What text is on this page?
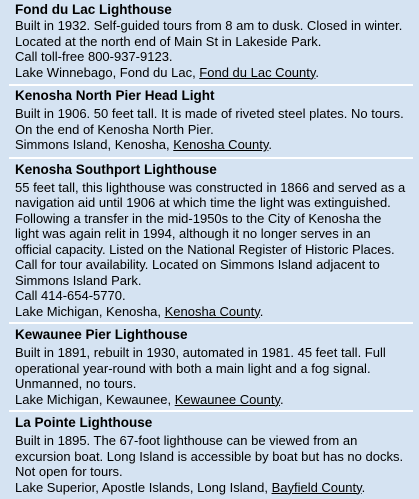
Fond du Lac Lighthouse
Built in 1932. Self-guided tours from 8 am to dusk. Closed in winter. Located at the north end of Main St in Lakeside Park.
Call toll-free 800-937-9123.
Lake Winnebago, Fond du Lac, Fond du Lac County.
Kenosha North Pier Head Light
Built in 1906. 50 feet tall. It is made of riveted steel plates. No tours. On the end of Kenosha North Pier.
Simmons Island, Kenosha, Kenosha County.
Kenosha Southport Lighthouse
55 feet tall, this lighthouse was constructed in 1866 and served as a navigation aid until 1906 at which time the light was extinguished. Following a transfer in the mid-1950s to the City of Kenosha the light was again relit in 1994, although it no longer serves in an official capacity. Listed on the National Register of Historic Places. Call for tour availability. Located on Simmons Island adjacent to Simmons Island Park.
Call 414-654-5770.
Lake Michigan, Kenosha, Kenosha County.
Kewaunee Pier Lighthouse
Built in 1891, rebuilt in 1930, automated in 1981. 45 feet tall. Full operational year-round with both a main light and a fog signal. Unmanned, no tours.
Lake Michigan, Kewaunee, Kewaunee County.
La Pointe Lighthouse
Built in 1895. The 67-foot lighthouse can be viewed from an excursion boat. Long Island is accessible by boat but has no docks. Not open for tours.
Lake Superior, Apostle Islands, Long Island, Bayfield County.
